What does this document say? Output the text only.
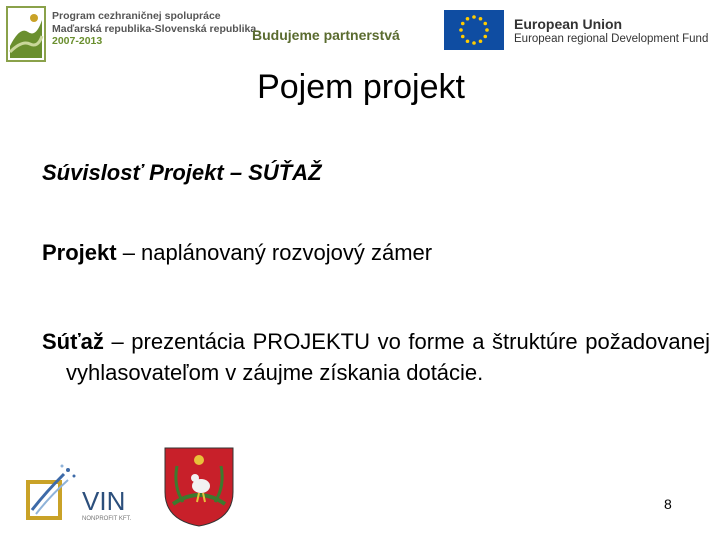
Program cezhraničnej spolupráce
Maďarská republika-Slovenská republika
2007-2013	Budujeme partnerstvá
European Union
European regional Development Fund
Pojem projekt
Súvislosť Projekt – SÚŤAŽ
Projekt – naplánovaný rozvojový zámer
Súťaž – prezentácia PROJEKTU vo forme a štruktúre požadovanej vyhlasovateľom v záujme získania dotácie.
VIN
NONPROFIT KFT.
8
